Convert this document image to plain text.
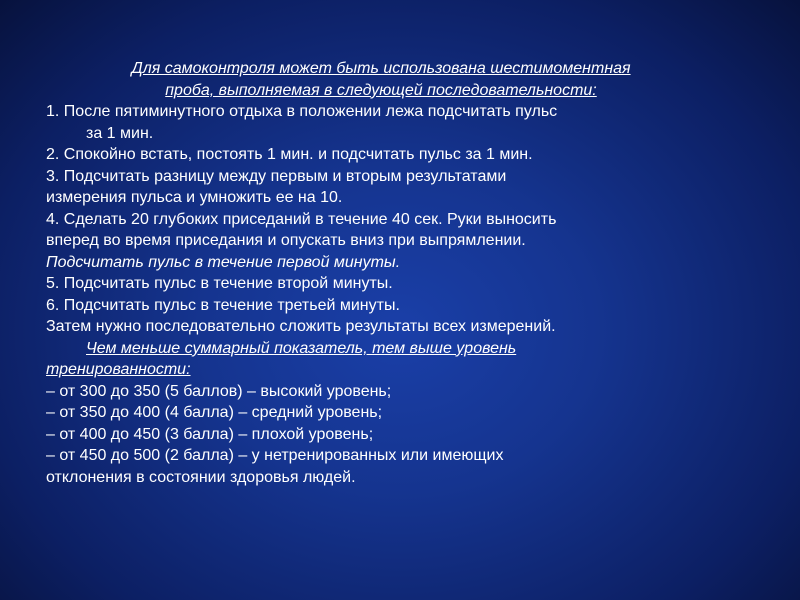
Для самоконтроля может быть использована шестимоментная
проба, выполняемая в следующей последовательности:
1. После пятиминутного отдыха в положении лежа подсчитать пульс
за 1 мин.
2. Спокойно встать, постоять 1 мин. и подсчитать пульс за 1 мин.
3. Подсчитать разницу между первым и вторым результатами
измерения пульса и умножить ее на 10.
4. Сделать 20 глубоких приседаний в течение 40 сек. Руки выносить
вперед во время приседания и опускать вниз при выпрямлении.
Подсчитать пульс в течение первой минуты.
5. Подсчитать пульс в течение второй минуты.
6. Подсчитать пульс в течение третьей минуты.
Затем нужно последовательно сложить результаты всех измерений.
Чем меньше суммарный показатель, тем выше уровень
тренированности:
– от 300 до 350 (5 баллов) – высокий уровень;
– от 350 до 400 (4 балла) – средний уровень;
– от 400 до 450 (3 балла) – плохой уровень;
– от 450 до 500 (2 балла) – у нетренированных или имеющих
отклонения в состоянии здоровья людей.
